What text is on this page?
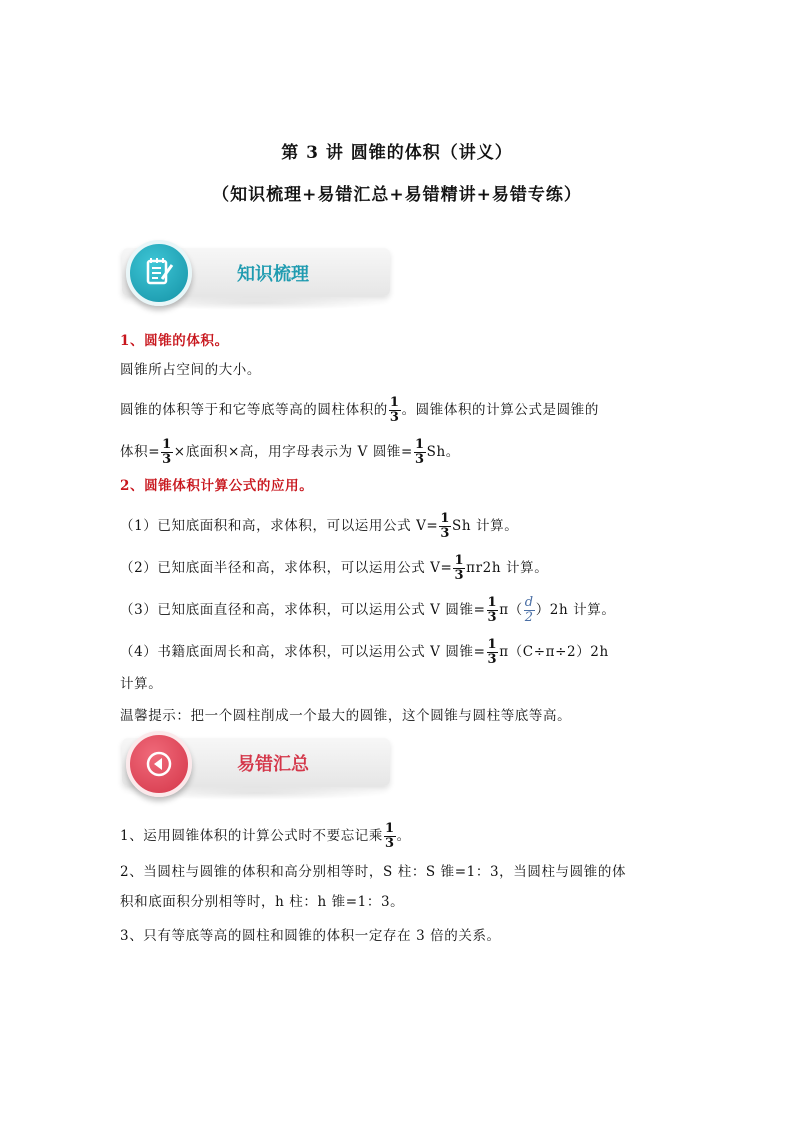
第 3 讲 圆锥的体积（讲义）
（知识梳理+易错汇总+易错精讲+易错专练）
知识梳理
1、圆锥的体积。
圆锥所占空间的大小。
圆锥的体积等于和它等底等高的圆柱体积的 $\frac{1}{3}$ 。圆锥体积的计算公式是圆锥的
体积= $\frac{1}{3}$ ×底面积×高，用字母表示为 V 圆锥= $\frac{1}{3}$ Sh。
2、圆锥体积计算公式的应用。
（1）已知底面积和高，求体积，可以运用公式 $V= \frac{1}{3}$ Sh 计算。
（2）已知底面半径和高，求体积，可以运用公式 $V= \frac{1}{3} \pi r2h$ 计算。
（3）已知底面直径和高，求体积，可以运用公式 V 圆锥= $\frac{1}{3} \pi( \frac{d}{2} )2h$ 计算。
（4）书籍底面周长和高，求体积，可以运用公式 V 圆锥= $\frac{1}{3} \pi(C\div\pi\div 2)2h$
计算。
温馨提示：把一个圆柱削成一个最大的圆锥，这个圆锥与圆柱等底等高。
易错汇总
1、运用圆锥体积的计算公式时不要忘记乘 $\frac{1}{3}$ 。
2、当圆柱与圆锥的体积和高分别相等时，S 柱：S 锥=1：3，当圆柱与圆锥的体
积和底面积分别相等时，h 柱：h 锥=1：3。
3、只有等底等高的圆柱和圆锥的体积一定存在 3 倍的关系。
